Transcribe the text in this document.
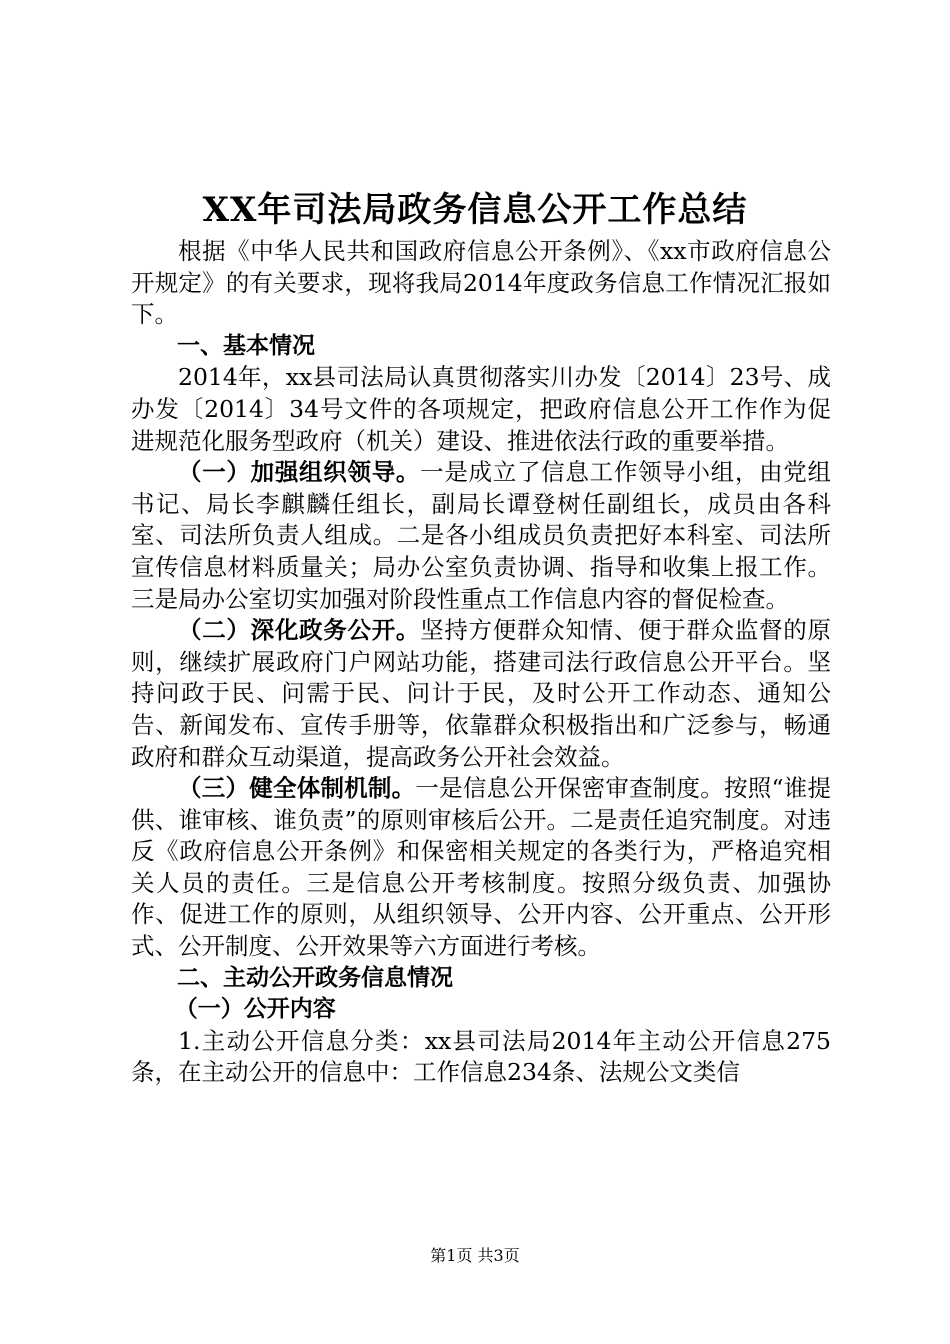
XX年司法局政务信息公开工作总结

根据《中华人民共和国政府信息公开条例》、《xx市政府信息公开规定》的有关要求，现将我局2014年度政务信息工作情况汇报如下。

一、基本情况

2014年，xx县司法局认真贯彻落实川办发〔2014〕23号、成办发〔2014〕34号文件的各项规定，把政府信息公开工作作为促进规范化服务型政府（机关）建设、推进依法行政的重要举措。

（一）加强组织领导。一是成立了信息工作领导小组，由党组书记、局长李麒麟任组长，副局长谭登树任副组长，成员由各科室、司法所负责人组成。二是各小组成员负责把好本科室、司法所宣传信息材料质量关；局办公室负责协调、指导和收集上报工作。三是局办公室切实加强对阶段性重点工作信息内容的督促检查。

（二）深化政务公开。坚持方便群众知情、便于群众监督的原则，继续扩展政府门户网站功能，搭建司法行政信息公开平台。坚持问政于民、问需于民、问计于民，及时公开工作动态、通知公告、新闻发布、宣传手册等，依靠群众积极指出和广泛参与，畅通政府和群众互动渠道，提高政务公开社会效益。

（三）健全体制机制。一是信息公开保密审查制度。按照“谁提供、谁审核、谁负责”的原则审核后公开。二是责任追究制度。对违反《政府信息公开条例》和保密相关规定的各类行为，严格追究相关人员的责任。三是信息公开考核制度。按照分级负责、加强协作、促进工作的原则，从组织领导、公开内容、公开重点、公开形式、公开制度、公开效果等六方面进行考核。

二、主动公开政务信息情况

（一）公开内容

1.主动公开信息分类：xx县司法局2014年主动公开信息275条，在主动公开的信息中：工作信息234条、法规公文类信

第1页 共3页
